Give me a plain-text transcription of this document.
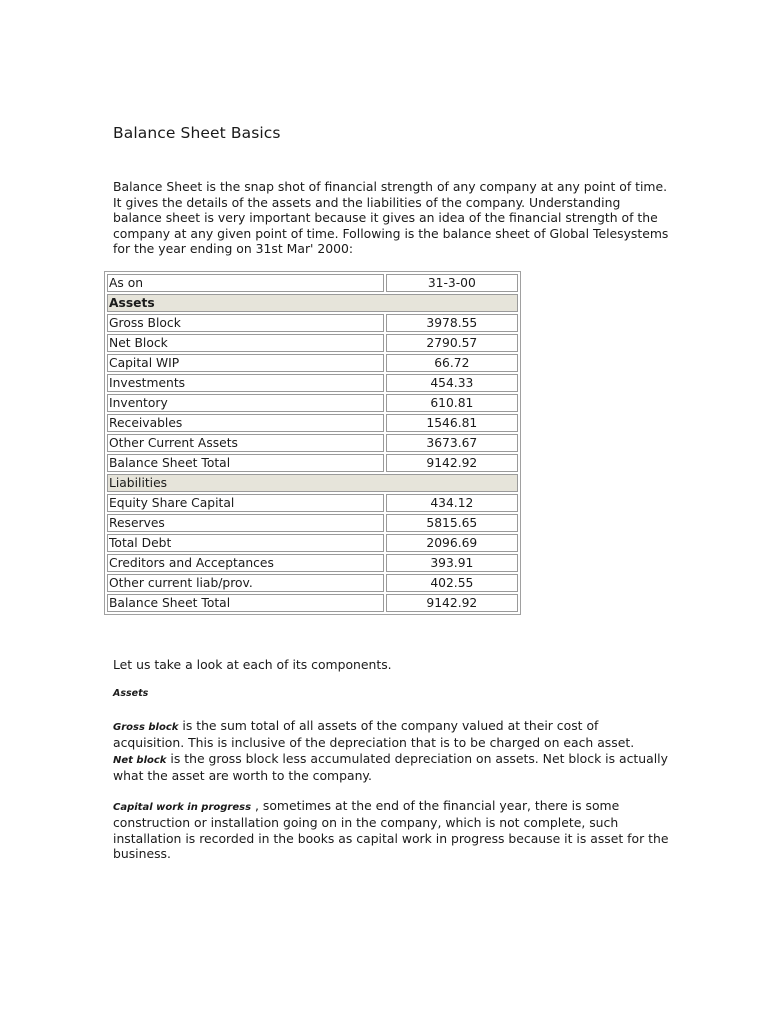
Balance Sheet Basics

Balance Sheet is the snap shot of financial strength of any company at any point of time. It gives the details of the assets and the liabilities of the company. Understanding balance sheet is very important because it gives an idea of the financial strength of the company at any given point of time. Following is the balance sheet of Global Telesystems for the year ending on 31st Mar' 2000:

As on	31-3-00
Assets	
Gross Block	3978.55
Net Block	2790.57
Capital WIP	66.72
Investments	454.33
Inventory	610.81
Receivables	1546.81
Other Current Assets	3673.67
Balance Sheet Total	9142.92
Liabilities	
Equity Share Capital	434.12
Reserves	5815.65
Total Debt	2096.69
Creditors and Acceptances	393.91
Other current liab/prov.	402.55
Balance Sheet Total	9142.92

Let us take a look at each of its components.

Assets

Gross block is the sum total of all assets of the company valued at their cost of acquisition. This is inclusive of the depreciation that is to be charged on each asset.
Net block is the gross block less accumulated depreciation on assets. Net block is actually what the asset are worth to the company.

Capital work in progress , sometimes at the end of the financial year, there is some construction or installation going on in the company, which is not complete, such installation is recorded in the books as capital work in progress because it is asset for the business.
